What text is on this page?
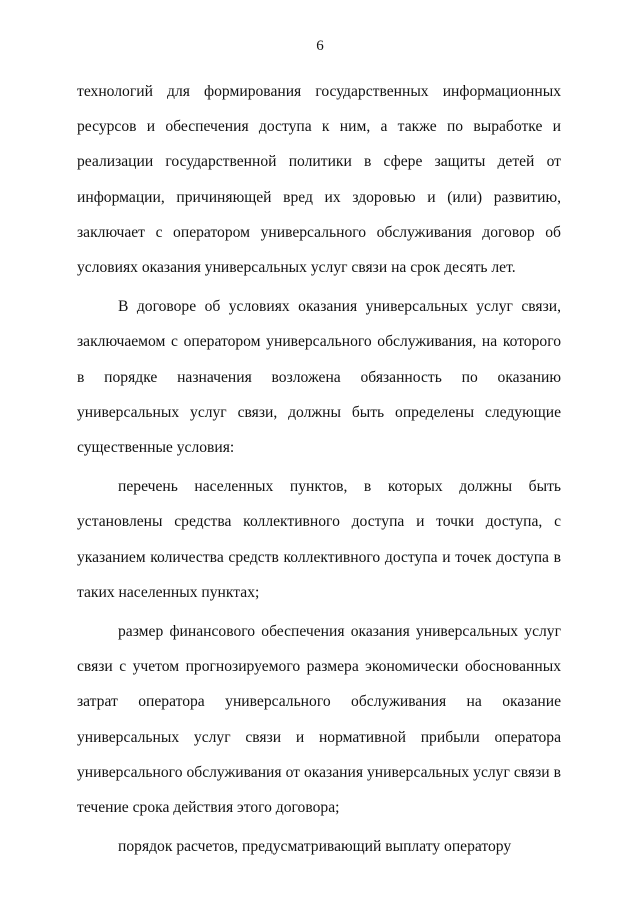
6

технологий для формирования государственных информационных ресурсов и обеспечения доступа к ним, а также по выработке и реализации государственной политики в сфере защиты детей от информации, причиняющей вред их здоровью и (или) развитию, заключает с оператором универсального обслуживания договор об условиях оказания универсальных услуг связи на срок десять лет.

В договоре об условиях оказания универсальных услуг связи, заключаемом с оператором универсального обслуживания, на которого в порядке назначения возложена обязанность по оказанию универсальных услуг связи, должны быть определены следующие существенные условия:

перечень населенных пунктов, в которых должны быть установлены средства коллективного доступа и точки доступа, с указанием количества средств коллективного доступа и точек доступа в таких населенных пунктах;

размер финансового обеспечения оказания универсальных услуг связи с учетом прогнозируемого размера экономически обоснованных затрат оператора универсального обслуживания на оказание универсальных услуг связи и нормативной прибыли оператора универсального обслуживания от оказания универсальных услуг связи в течение срока действия этого договора;

порядок расчетов, предусматривающий выплату оператору
